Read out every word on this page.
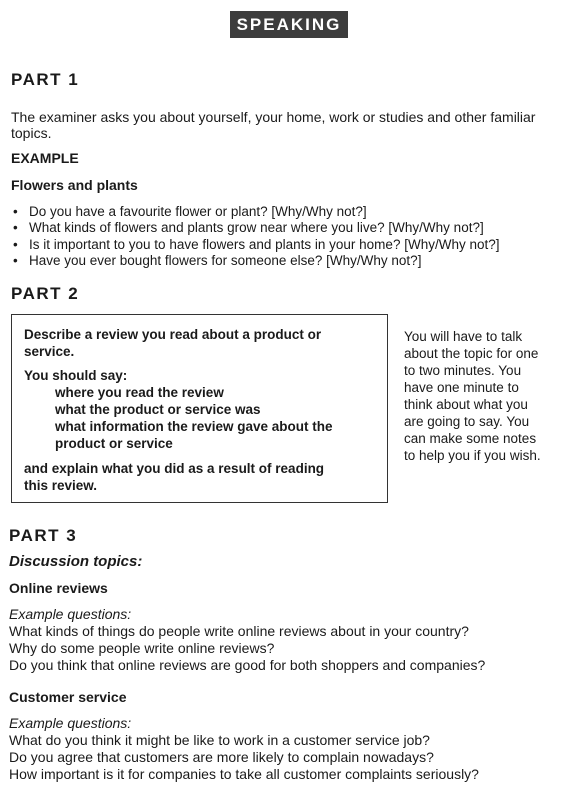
SPEAKING
PART 1
The examiner asks you about yourself, your home, work or studies and other familiar
topics.
EXAMPLE
Flowers and plants
• Do you have a favourite flower or plant? [Why/Why not?]
• What kinds of flowers and plants grow near where you live? [Why/Why not?]
• Is it important to you to have flowers and plants in your home? [Why/Why not?]
• Have you ever bought flowers for someone else? [Why/Why not?]
PART 2
Describe a review you read about a product or
service.
You should say:
where you read the review
what the product or service was
what information the review gave about the
product or service
and explain what you did as a result of reading
this review.
You will have to talk
about the topic for one
to two minutes. You
have one minute to
think about what you
are going to say. You
can make some notes
to help you if you wish.
PART 3
Discussion topics:
Online reviews
Example questions:
What kinds of things do people write online reviews about in your country?
Why do some people write online reviews?
Do you think that online reviews are good for both shoppers and companies?
Customer service
Example questions:
What do you think it might be like to work in a customer service job?
Do you agree that customers are more likely to complain nowadays?
How important is it for companies to take all customer complaints seriously?
